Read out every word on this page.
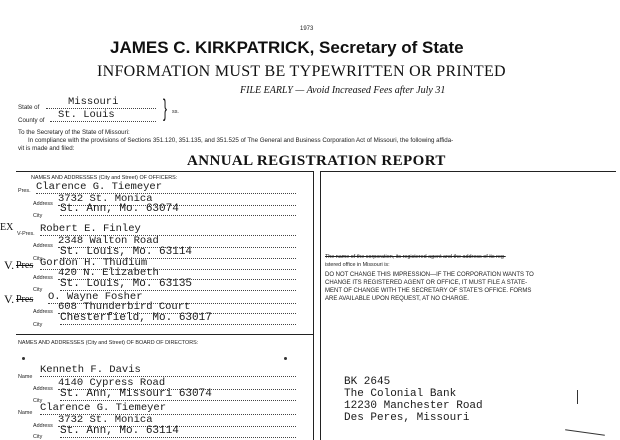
1973
JAMES C. KIRKPATRICK, Secretary of State
INFORMATION MUST BE TYPEWRITTEN OR PRINTED
FILE EARLY — Avoid Increased Fees after July 31
State of	Missouri
County of	St. Louis	} ss.
To the Secretary of the State of Missouri:
In compliance with the provisions of Sections 351.120, 351.135, and 351.525 of The General and Business Corporation Act of Missouri, the following affida-
vit is made and filed:
ANNUAL REGISTRATION REPORT
NAMES AND ADDRESSES (City and Street) OF OFFICERS:
Pres. Clarence G. Tiemeyer
Address 3732 St. Monica
City
St. Ann, Mo. 63074
EX
V-Pres. Robert E. Finley
Address 2348 Walton Road
City
St. Louis, Mo. 63114
V. Pres Gordon H. Thudium
Address 420 N. Elizabeth
City St. Louis, Mo. 63135
V. Pres O. Wayne Fosher
Address 608 Thunderbird Court
City
Chesterfield, Mo. 63017
NAMES AND ADDRESSES (City and Street) OF BOARD OF DIRECTORS:
Name
Kenneth F. Davis
Address 4140 Cypress Road
City
St. Ann, Missouri 63074
Name Clarence G. Tiemeyer
Address 3732 St. Monica
City St. Ann, Mo. 63114
The name of the corporation, its registered agent and the address of its reg-
istered office in Missouri is:
DO NOT CHANGE THIS IMPRESSION—IF THE CORPORATION WANTS TO
CHANGE ITS REGISTERED AGENT OR OFFICE, IT MUST FILE A STATE-
MENT OF CHANGE WITH THE SECRETARY OF STATE'S OFFICE. FORMS
ARE AVAILABLE UPON REQUEST, AT NO CHARGE.
BK 2645
The Colonial Bank
12230 Manchester Road
Des Peres, Missouri
